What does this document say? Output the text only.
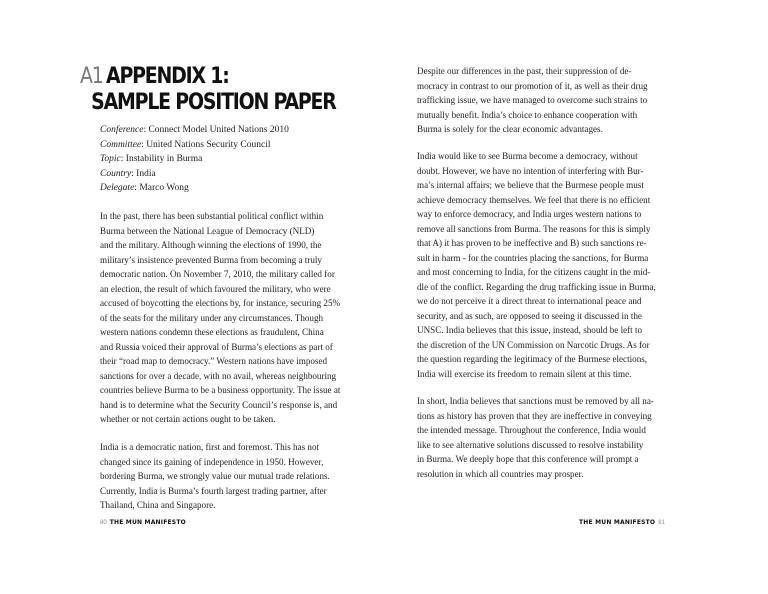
A1 APPENDIX 1:
SAMPLE POSITION PAPER
Conference: Connect Model United Nations 2010
Committee: United Nations Security Council
Topic: Instability in Burma
Country: India
Delegate: Marco Wong
In the past, there has been substantial political conflict within
Burma between the National League of Democracy (NLD)
and the military. Although winning the elections of 1990, the
military’s insistence prevented Burma from becoming a truly
democratic nation. On November 7, 2010, the military called for
an election, the result of which favoured the military, who were
accused of boycotting the elections by, for instance, securing 25%
of the seats for the military under any circumstances. Though
western nations condemn these elections as fraudulent, China
and Russia voiced their approval of Burma’s elections as part of
their “road map to democracy.” Western nations have imposed
sanctions for over a decade, with no avail, whereas neighbouring
countries believe Burma to be a business opportunity. The issue at
hand is to determine what the Security Council’s response is, and
whether or not certain actions ought to be taken.
India is a democratic nation, first and foremost. This has not
changed since its gaining of independence in 1950. However,
bordering Burma, we strongly value our mutual trade relations.
Currently, India is Burma’s fourth largest trading partner, after
Thailand, China and Singapore.
80 THE MUN MANIFESTO
Despite our differences in the past, their suppression of de-
mocracy in contrast to our promotion of it, as well as their drug
trafficking issue, we have managed to overcome such strains to
mutually benefit. India’s choice to enhance cooperation with
Burma is solely for the clear economic advantages.
India would like to see Burma become a democracy, without
doubt. However, we have no intention of interfering with Bur-
ma’s internal affairs; we believe that the Burmese people must
achieve democracy themselves. We feel that there is no efficient
way to enforce democracy, and India urges western nations to
remove all sanctions from Burma. The reasons for this is simply
that A) it has proven to be ineffective and B) such sanctions re-
sult in harm - for the countries placing the sanctions, for Burma
and most concerning to India, for the citizens caught in the mid-
dle of the conflict. Regarding the drug trafficking issue in Burma,
we do not perceive it a direct threat to international peace and
security, and as such, are opposed to seeing it discussed in the
UNSC. India believes that this issue, instead, should be left to
the discretion of the UN Commission on Narcotic Drugs. As for
the question regarding the legitimacy of the Burmese elections,
India will exercise its freedom to remain silent at this time.
In short, India believes that sanctions must be removed by all na-
tions as history has proven that they are ineffective in conveying
the intended message. Throughout the conference, India would
like to see alternative solutions discussed to resolve instability
in Burma. We deeply hope that this conference will prompt a
resolution in which all countries may prosper.
THE MUN MANIFESTO 81
